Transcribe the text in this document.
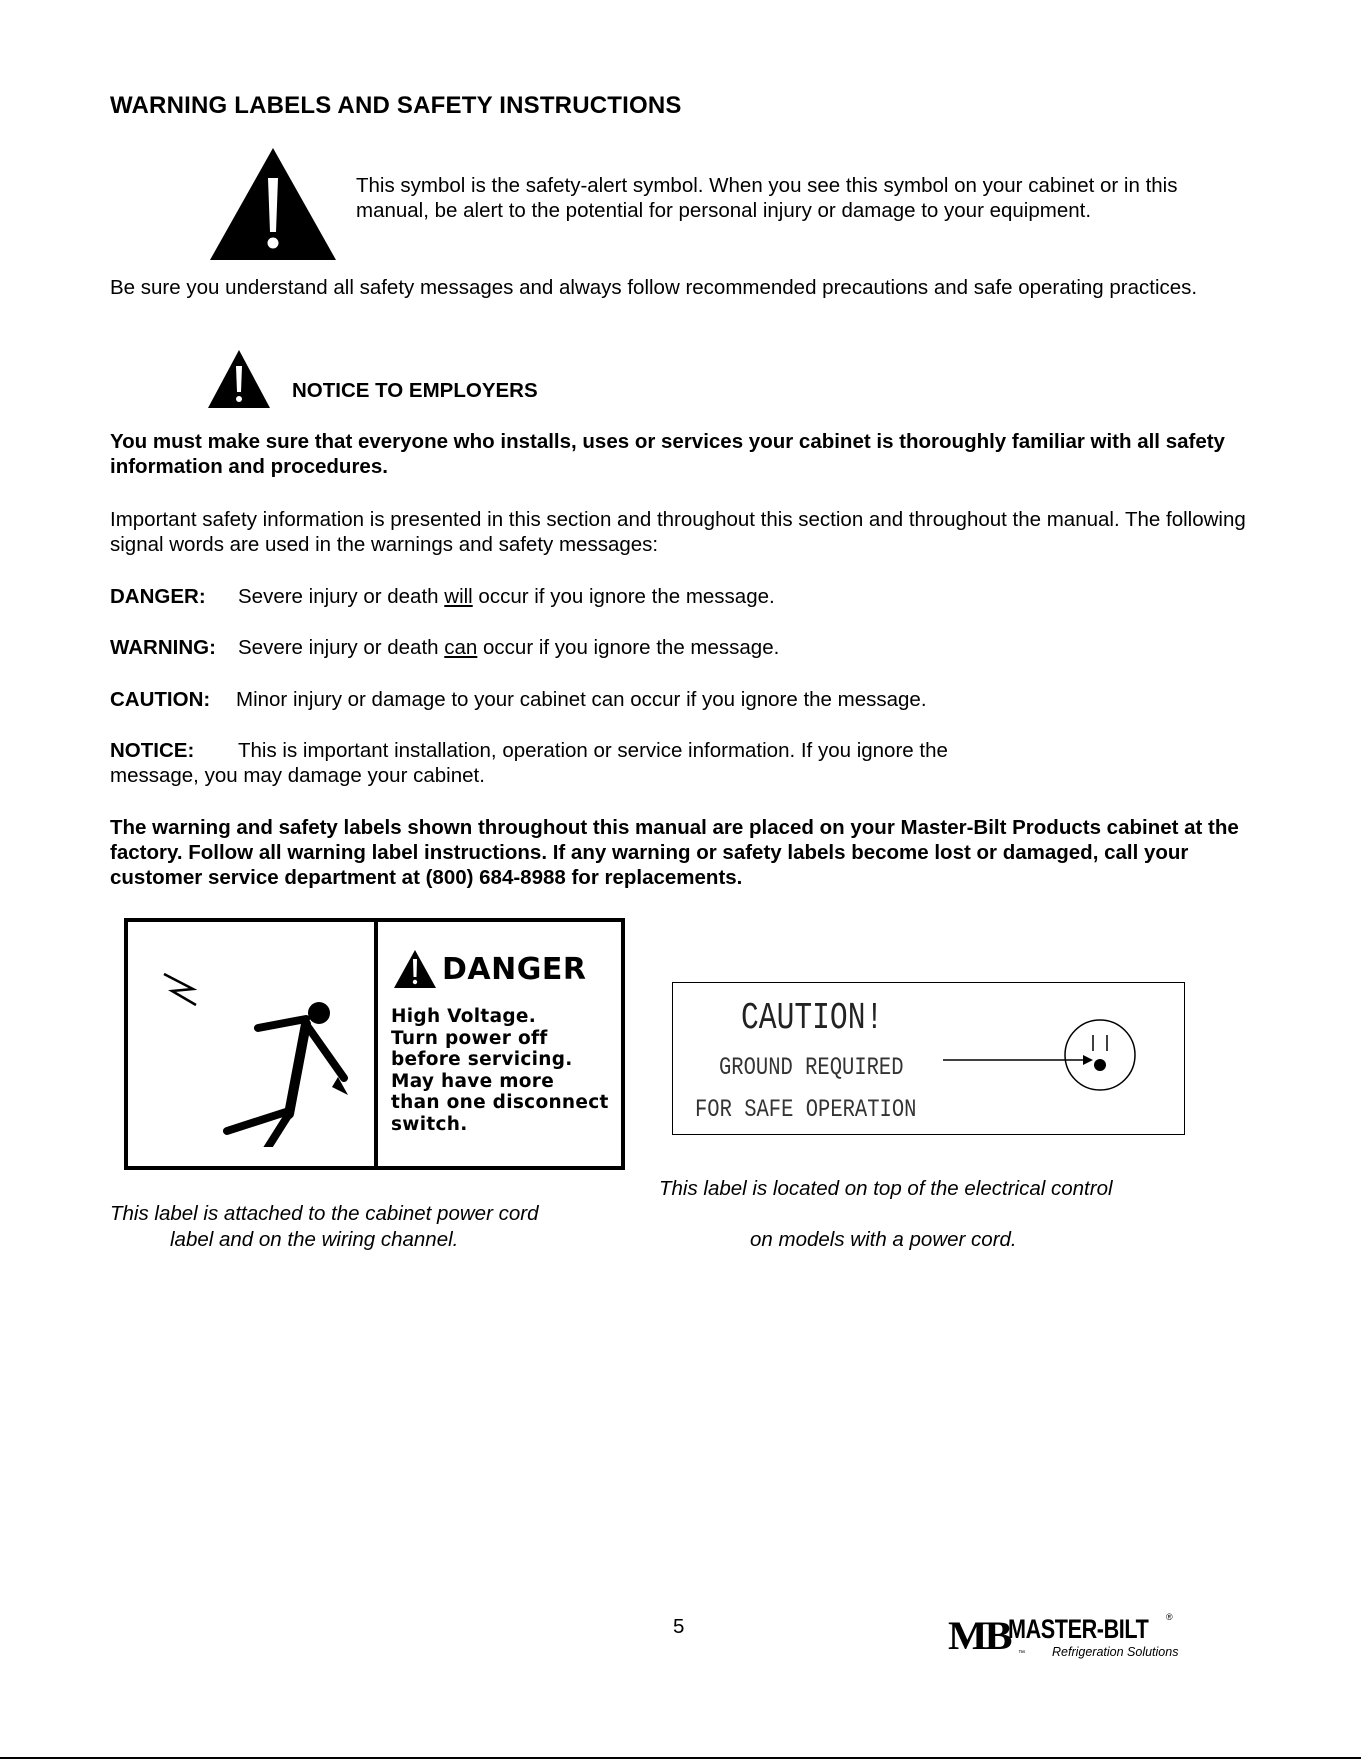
WARNING LABELS AND SAFETY INSTRUCTIONS
This symbol is the safety-alert symbol. When you see this symbol on your cabinet or in this manual, be alert to the potential for personal injury or damage to your equipment.
Be sure you understand all safety messages and always follow recommended precautions and safe operating practices.
NOTICE TO EMPLOYERS
You must make sure that everyone who installs, uses or services your cabinet is thoroughly familiar with all safety information and procedures.
Important safety information is presented in this section and throughout this section and throughout the manual. The following signal words are used in the warnings and safety messages:
DANGER: Severe injury or death will occur if you ignore the message.
WARNING: Severe injury or death can occur if you ignore the message.
CAUTION: Minor injury or damage to your cabinet can occur if you ignore the message.
NOTICE: This is important installation, operation or service information. If you ignore the
message, you may damage your cabinet.
The warning and safety labels shown throughout this manual are placed on your Master-Bilt Products cabinet at the factory. Follow all warning label instructions. If any warning or safety labels become lost or damaged, call your customer service department at (800) 684-8988 for replacements.
DANGER
High Voltage.
Turn power off
before servicing.
May have more
than one disconnect
switch.
CAUTION!
GROUND REQUIRED
FOR SAFE OPERATION
This label is attached to the cabinet power cord
label and on the wiring channel.
This label is located on top of the electrical control
on models with a power cord.
5	MB
MASTER-BILT ®
Refrigeration Solutions
™
